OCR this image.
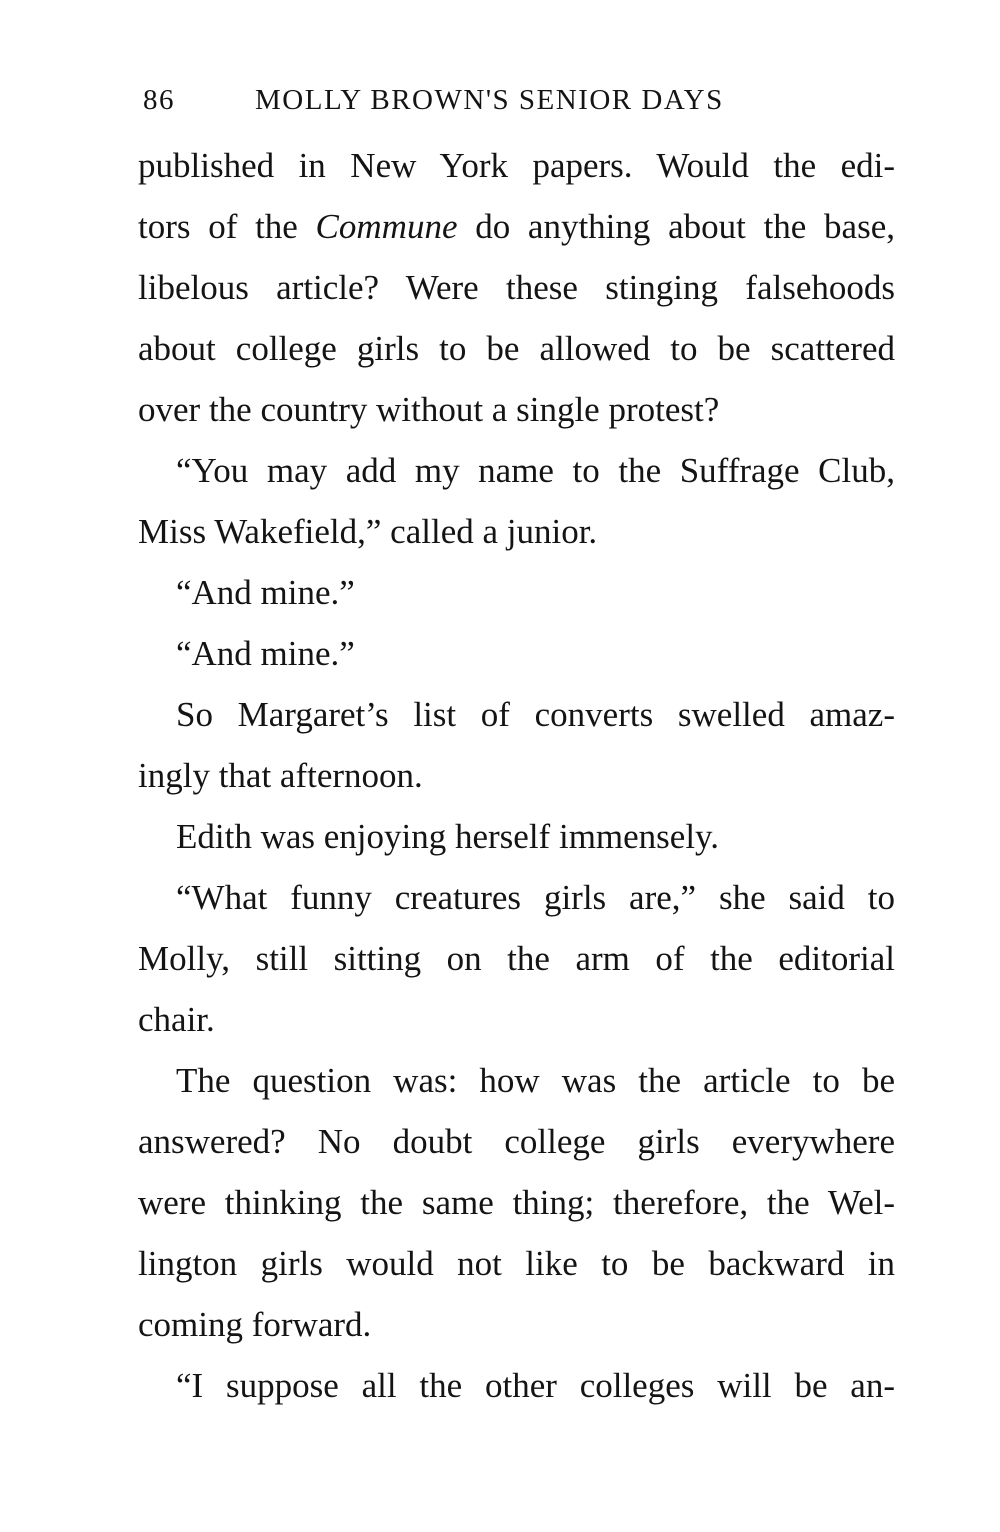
86	MOLLY BROWN'S SENIOR DAYS
published in New York papers. Would the edi-
tors of the Commune do anything about the base,
libelous article? Were these stinging falsehoods
about college girls to be allowed to be scattered
over the country without a single protest?
“You may add my name to the Suffrage Club,
Miss Wakefield,” called a junior.
“And mine.”
“And mine.”
So Margaret’s list of converts swelled amaz-
ingly that afternoon.
Edith was enjoying herself immensely.
“What funny creatures girls are,” she said to
Molly, still sitting on the arm of the editorial
chair.
The question was: how was the article to be
answered? No doubt college girls everywhere
were thinking the same thing; therefore, the Wel-
lington girls would not like to be backward in
coming forward.
“I suppose all the other colleges will be an-
